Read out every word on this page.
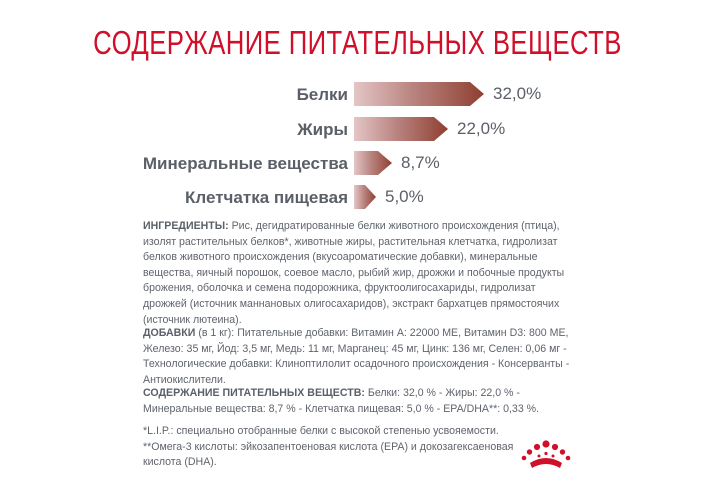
СОДЕРЖАНИЕ ПИТАТЕЛЬНЫХ ВЕЩЕСТВ
Белки	32,0%
Жиры	22,0%
Минеральные вещества	8,7%
Клетчатка пищевая 5,0%
ИНГРЕДИЕНТЫ: Рис, дегидратированные белки животного происхождения (птица),
изолят растительных белков*, животные жиры, растительная клетчатка, гидролизат
белков животного происхождения (вкусоароматические добавки), минеральные
вещества, яичный порошок, соевое масло, рыбий жир, дрожжи и побочные продукты
брожения, оболочка и семена подорожника, фруктоолигосахариды, гидролизат
дрожжей (источник маннановых олигосахаридов), экстракт бархатцев прямостоячих
(источник лютеина).
ДОБАВКИ (в 1 кг): Питательные добавки: Витамин А: 22000 МЕ, Витамин D3: 800 МЕ,
Железо: 35 мг, Йод: 3,5 мг, Медь: 11 мг, Марганец: 45 мг, Цинк: 136 мг, Селен: 0,06 мг -
Технологические добавки: Клиноптилолит осадочного происхождения - Консерванты -
Антиокислители.
СОДЕРЖАНИЕ ПИТАТЕЛЬНЫХ ВЕЩЕСТВ: Белки: 32,0 % - Жиры: 22,0 % -
Минеральные вещества: 8,7 % - Клетчатка пищевая: 5,0 % - EPA/DHA**: 0,33 %.
*L.I.P.: специально отобранные белки с высокой степенью усвояемости.
**Омега-3 кислоты: эйкозапентоеновая кислота (EPA) и докозагексаеновая
кислота (DHA).
